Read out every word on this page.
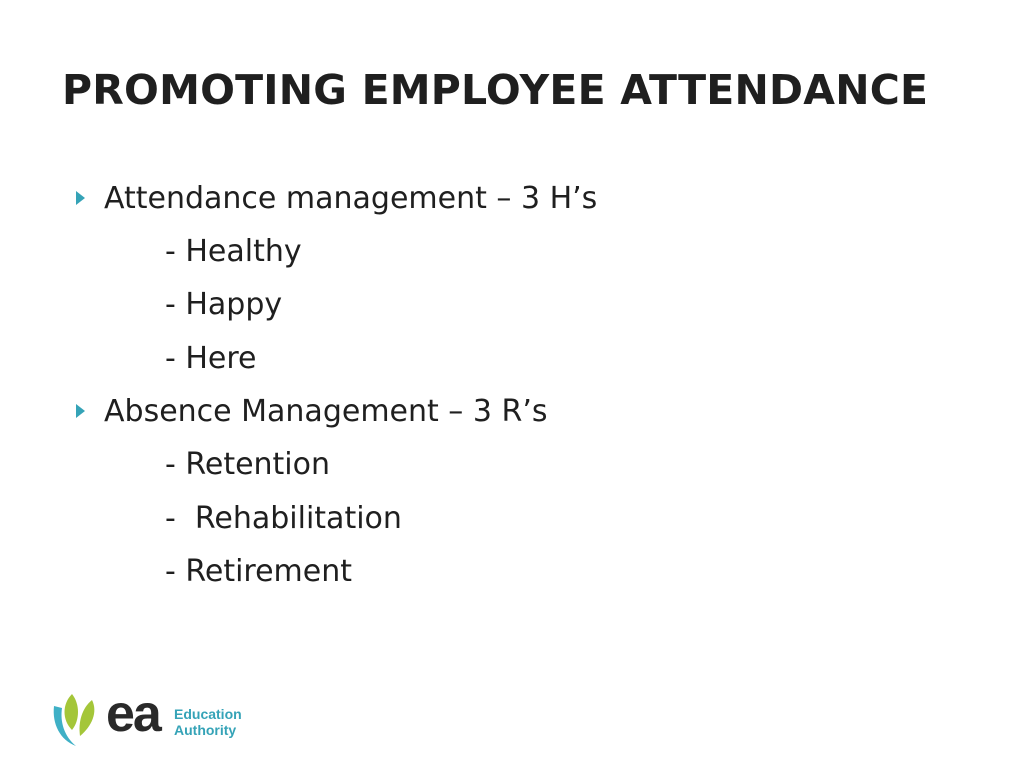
PROMOTING EMPLOYEE ATTENDANCE
Attendance management – 3 H’s
- Healthy
- Happy
- Here
Absence Management – 3 R’s
- Retention
-  Rehabilitation
- Retirement
ea Education
Authority
